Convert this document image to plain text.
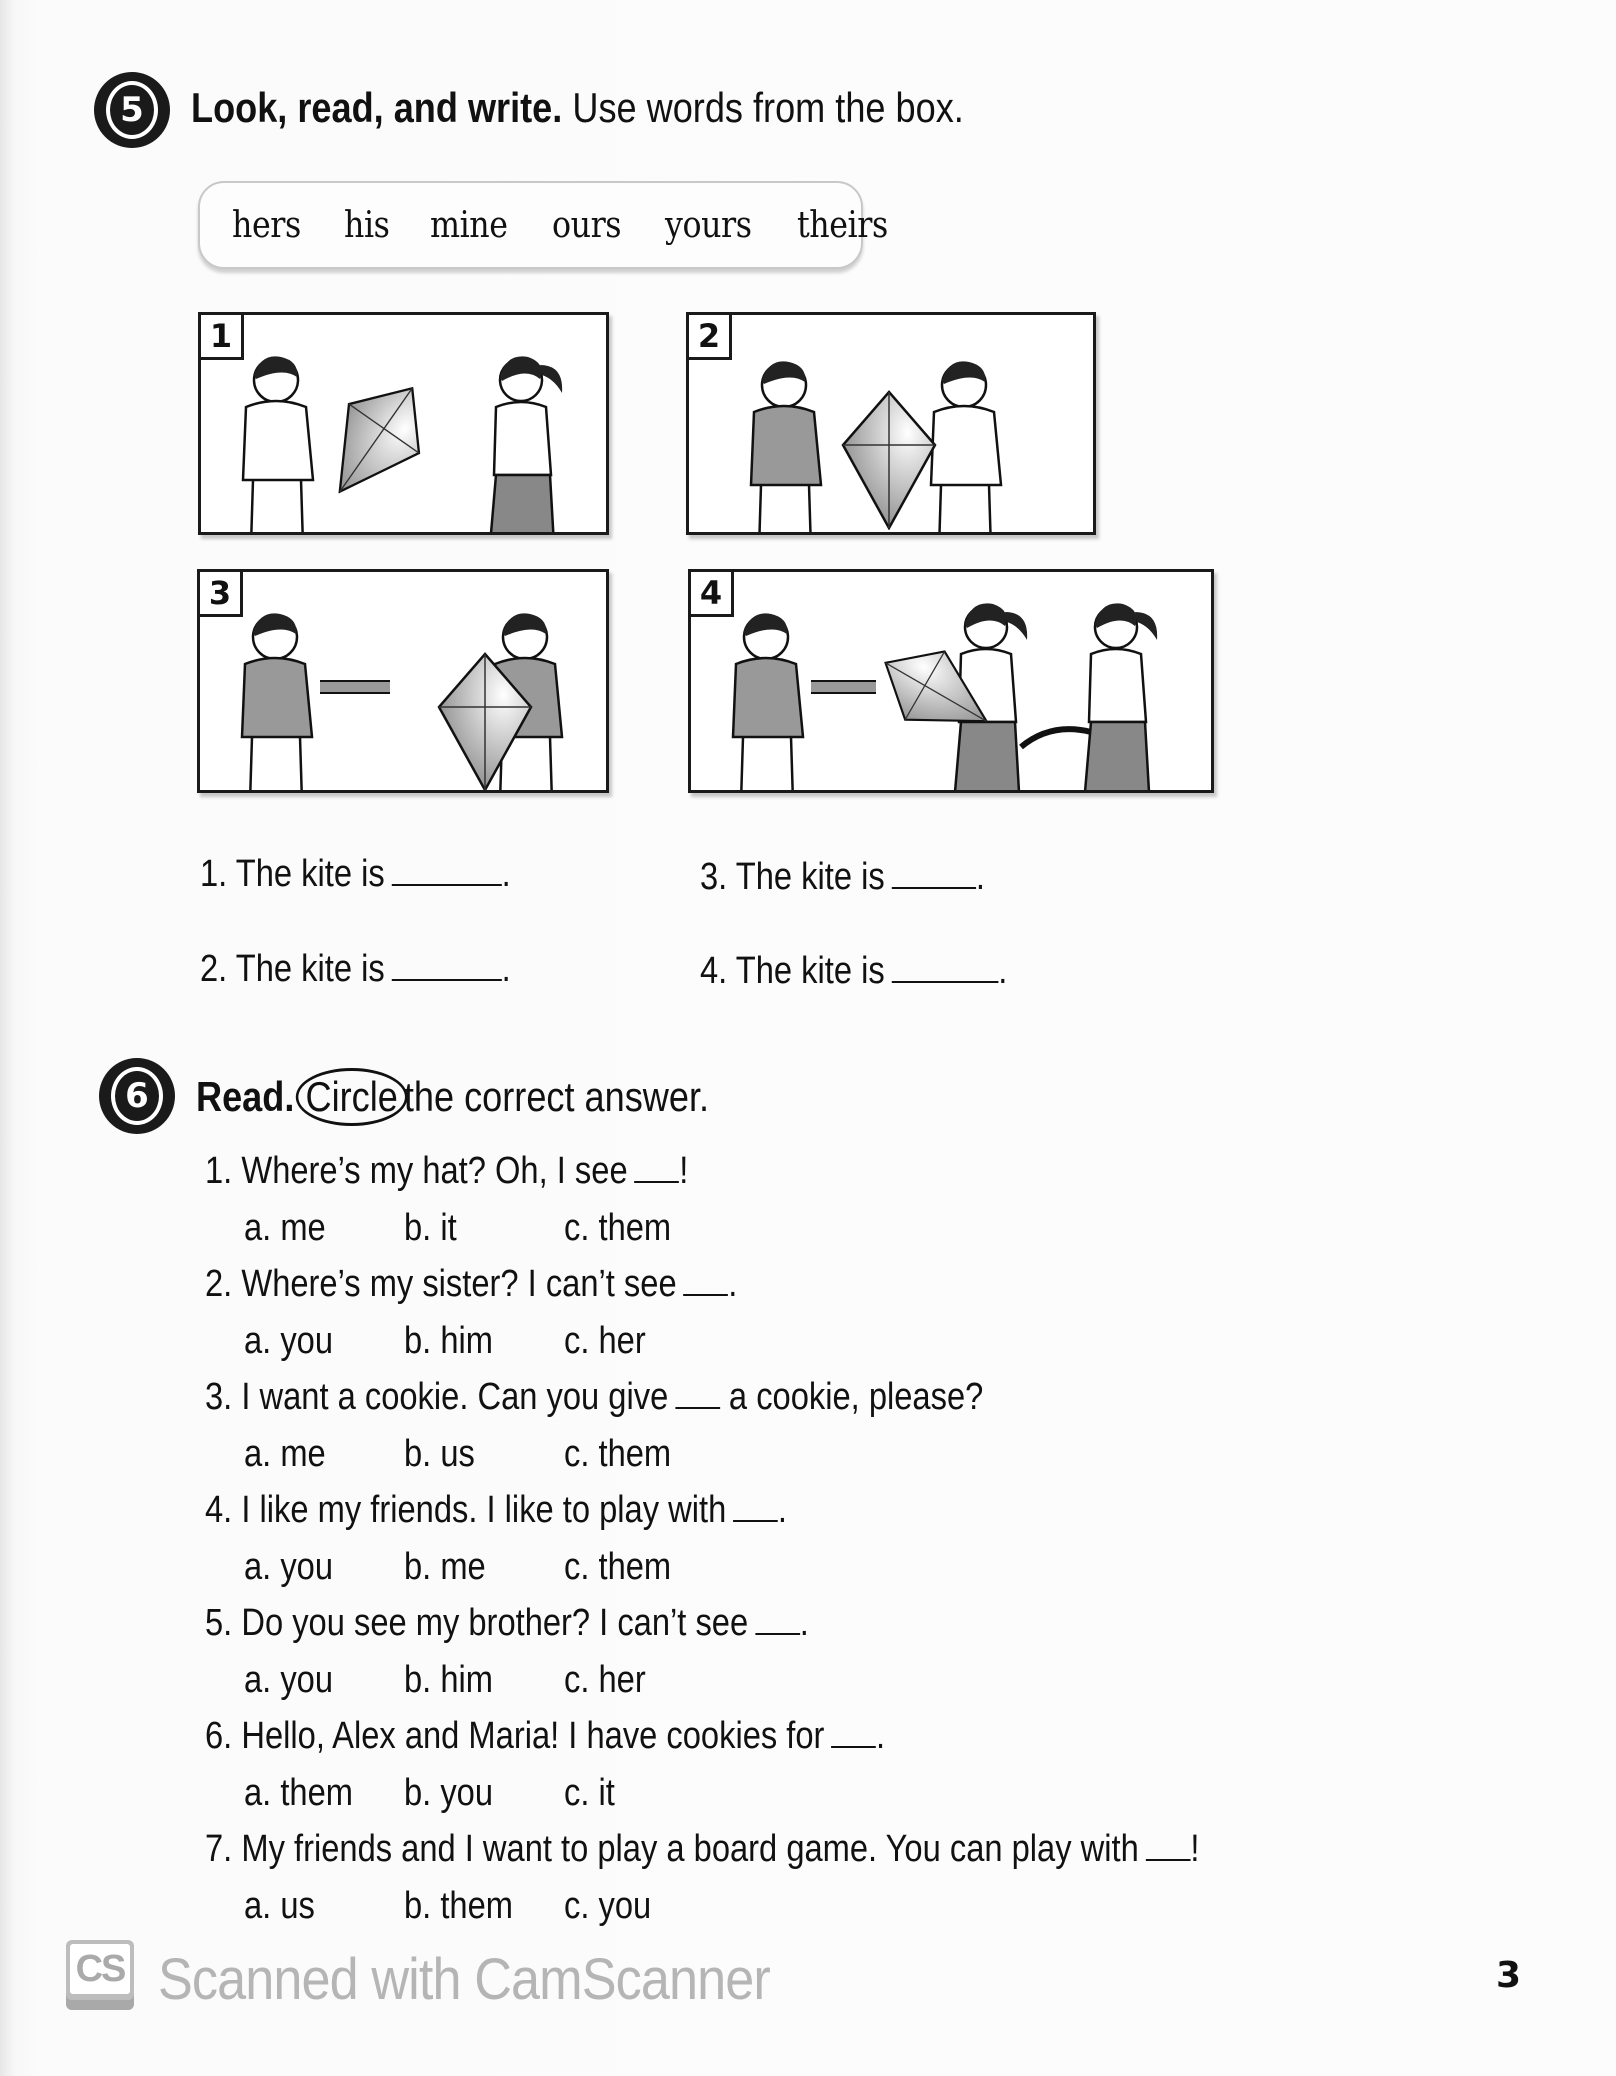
5	Look, read, and write. Use words from the box.
hers his mine ours yours theirs
1	2
3	4
1. The kite is	.
2. The kite is	.
3. The kite is .
4. The kite is	.
6	Read. Circle the correct answer.
1. Where’s my hat? Oh, I see !
a. me b. it	c. them
2. Where’s my sister? I can’t see .
a. you b. him c. her
3. I want a cookie. Can you give a cookie, please?
a. me b. us c. them
4. I like my friends. I like to play with .
a. you b. me c. them
5. Do you see my brother? I can’t see .
a. you b. him c. her
6. Hello, Alex and Maria! I have cookies for .
a. them b. you c. it
7. My friends and I want to play a board game. You can play with !
a. us b. them c. you
CS Scanned with CamScanner	3
